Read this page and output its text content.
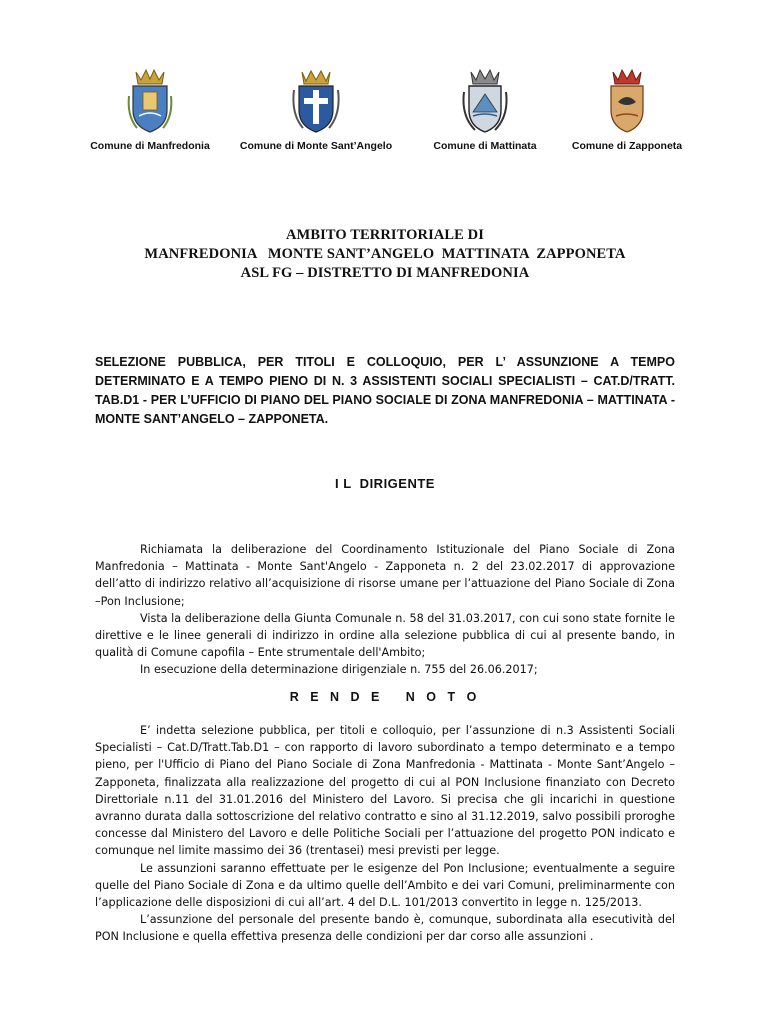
Comune di Manfredonia	Comune di Monte Sant’Angelo	Comune di Mattinata	Comune di Zapponeta
AMBITO TERRITORIALE DI
MANFREDONIA   MONTE SANT’ANGELO  MATTINATA  ZAPPONETA
ASL FG – DISTRETTO DI MANFREDONIA
SELEZIONE PUBBLICA, PER TITOLI E COLLOQUIO, PER L’ ASSUNZIONE A TEMPO DETERMINATO E A TEMPO PIENO DI N. 3 ASSISTENTI SOCIALI SPECIALISTI – CAT.D/TRATT. TAB.D1 - PER L’UFFICIO DI PIANO DEL PIANO SOCIALE DI ZONA MANFREDONIA – MATTINATA - MONTE SANT’ANGELO – ZAPPONETA.
I L  DIRIGENTE

Richiamata la deliberazione del Coordinamento Istituzionale del Piano Sociale di Zona Manfredonia – Mattinata - Monte Sant'Angelo - Zapponeta n. 2 del 23.02.2017 di approvazione dell’atto di indirizzo relativo all’acquisizione di risorse umane per l’attuazione del Piano Sociale di Zona –Pon Inclusione;

Vista la deliberazione della Giunta Comunale n. 58 del 31.03.2017, con cui sono state fornite le direttive e le linee generali di indirizzo in ordine alla selezione pubblica di cui al presente bando, in qualità di Comune capofila – Ente strumentale dell'Ambito;

In esecuzione della determinazione dirigenziale n. 755 del 26.06.2017;

R E N D E   N O T O

E’ indetta selezione pubblica, per titoli e colloquio, per l’assunzione di n.3 Assistenti Sociali Specialisti – Cat.D/Tratt.Tab.D1 – con rapporto di lavoro subordinato a tempo determinato e a tempo pieno, per l'Ufficio di Piano del Piano Sociale di Zona Manfredonia - Mattinata - Monte Sant’Angelo – Zapponeta, finalizzata alla realizzazione del progetto di cui al PON Inclusione finanziato con Decreto Direttoriale n.11 del 31.01.2016 del Ministero del Lavoro. Si precisa che gli incarichi in questione avranno durata dalla sottoscrizione del relativo contratto e sino al 31.12.2019, salvo possibili proroghe concesse dal Ministero del Lavoro e delle Politiche Sociali per l’attuazione del progetto PON indicato e comunque nel limite massimo dei 36 (trentasei) mesi previsti per legge.

Le assunzioni saranno effettuate per le esigenze del Pon Inclusione; eventualmente a seguire quelle del Piano Sociale di Zona e da ultimo quelle dell’Ambito e dei vari Comuni, preliminarmente con l’applicazione delle disposizioni di cui all’art. 4 del D.L. 101/2013 convertito in legge n. 125/2013.

L’assunzione del personale del presente bando è, comunque, subordinata alla esecutività del PON Inclusione e quella effettiva presenza delle condizioni per dar corso alle assunzioni .
